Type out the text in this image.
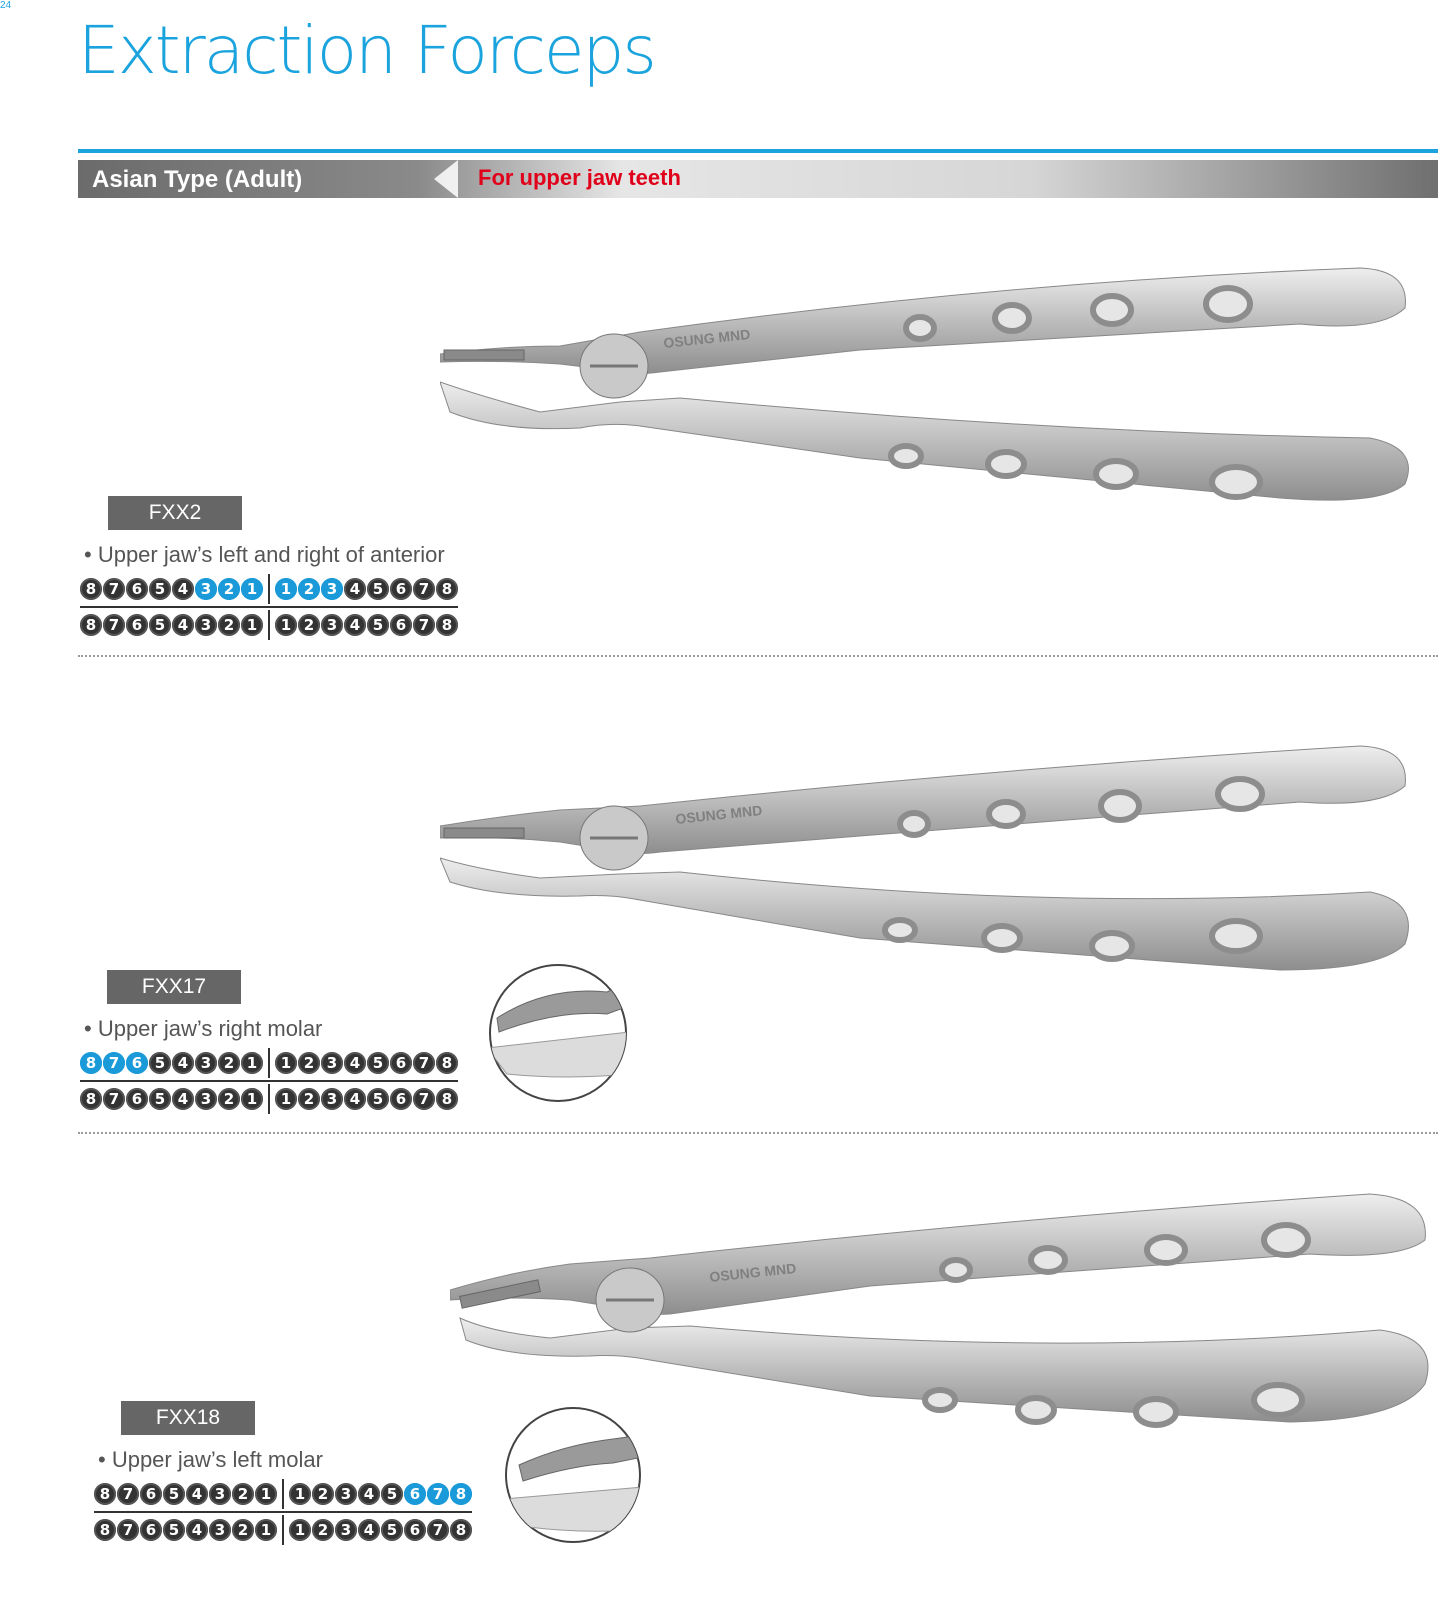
24
Extraction Forceps
Asian Type (Adult)	For upper jaw teeth
OSUNG MND
FXX2
• Upper jaw’s left and right of anterior
8 7 6 5 4 3 2 1	1 2 3 4 5 6 7 8
8 7 6 5 4 3 2 1	1 2 3 4 5 6 7 8
OSUNG MND
FXX17
• Upper jaw’s right molar
8 7 6 5 4 3 2 1	1 2 3 4 5 6 7 8
8 7 6 5 4 3 2 1	1 2 3 4 5 6 7 8
OSUNG MND
FXX18
• Upper jaw’s left molar
8 7 6 5 4 3 2 1	1 2 3 4 5 6 7 8
8 7 6 5 4 3 2 1	1 2 3 4 5 6 7 8
